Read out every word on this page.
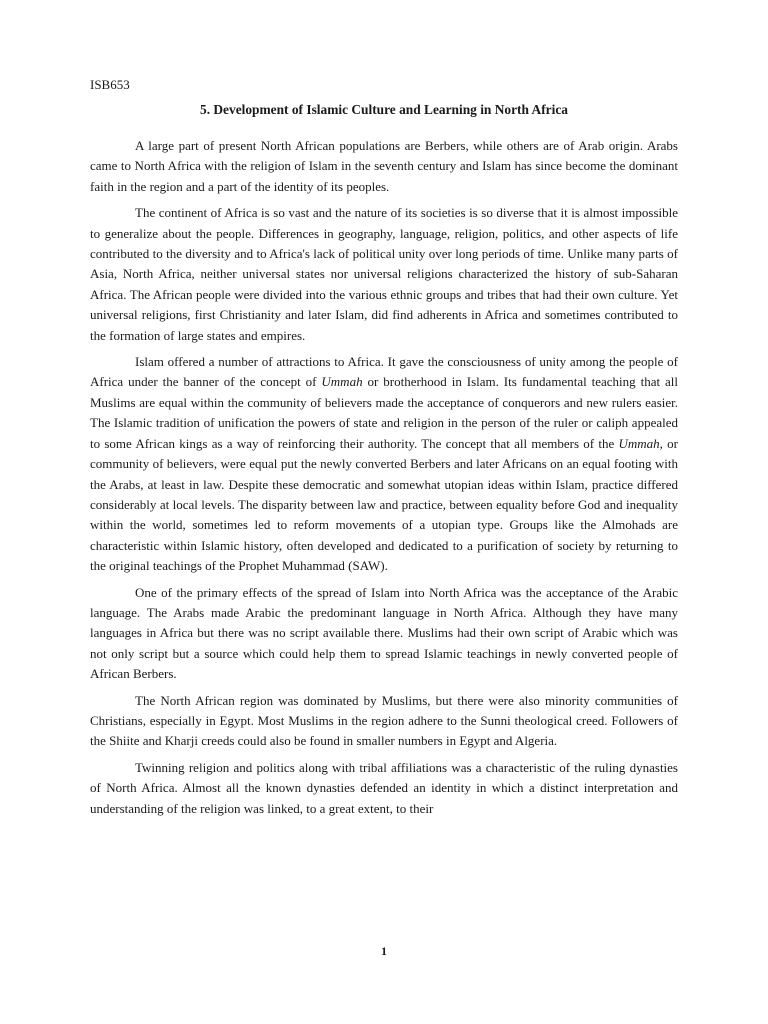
ISB653
5. Development of Islamic Culture and Learning in North Africa

A large part of present North African populations are Berbers, while others are of Arab origin. Arabs came to North Africa with the religion of Islam in the seventh century and Islam has since become the dominant faith in the region and a part of the identity of its peoples.

The continent of Africa is so vast and the nature of its societies is so diverse that it is almost impossible to generalize about the people. Differences in geography, language, religion, politics, and other aspects of life contributed to the diversity and to Africa's lack of political unity over long periods of time. Unlike many parts of Asia, North Africa, neither universal states nor universal religions characterized the history of sub-Saharan Africa. The African people were divided into the various ethnic groups and tribes that had their own culture. Yet universal religions, first Christianity and later Islam, did find adherents in Africa and sometimes contributed to the formation of large states and empires.

Islam offered a number of attractions to Africa. It gave the consciousness of unity among the people of Africa under the banner of the concept of Ummah or brotherhood in Islam. Its fundamental teaching that all Muslims are equal within the community of believers made the acceptance of conquerors and new rulers easier. The Islamic tradition of unification the powers of state and religion in the person of the ruler or caliph appealed to some African kings as a way of reinforcing their authority. The concept that all members of the Ummah, or community of believers, were equal put the newly converted Berbers and later Africans on an equal footing with the Arabs, at least in law. Despite these democratic and somewhat utopian ideas within Islam, practice differed considerably at local levels. The disparity between law and practice, between equality before God and inequality within the world, sometimes led to reform movements of a utopian type. Groups like the Almohads are characteristic within Islamic history, often developed and dedicated to a purification of society by returning to the original teachings of the Prophet Muhammad (SAW).

One of the primary effects of the spread of Islam into North Africa was the acceptance of the Arabic language. The Arabs made Arabic the predominant language in North Africa. Although they have many languages in Africa but there was no script available there. Muslims had their own script of Arabic which was not only script but a source which could help them to spread Islamic teachings in newly converted people of African Berbers.

The North African region was dominated by Muslims, but there were also minority communities of Christians, especially in Egypt. Most Muslims in the region adhere to the Sunni theological creed. Followers of the Shiite and Kharji creeds could also be found in smaller numbers in Egypt and Algeria.

Twinning religion and politics along with tribal affiliations was a characteristic of the ruling dynasties of North Africa. Almost all the known dynasties defended an identity in which a distinct interpretation and understanding of the religion was linked, to a great extent, to their

1
